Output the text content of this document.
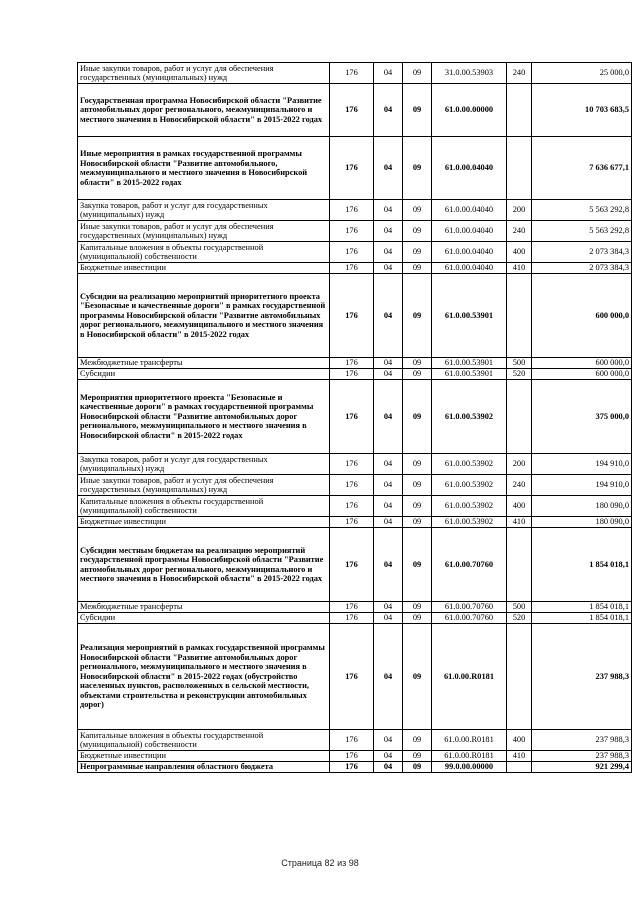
Иные закупки товаров, работ и услуг для обеспечения государственных (муниципальных) нужд	176	04	09	31.0.00.53903	240	25 000,0
Государственная программа Новосибирской области "Развитие автомобильных дорог регионального, межмуниципального и местного значения в Новосибирской области" в 2015-2022 годах	176	04	09	61.0.00.00000		10 703 683,5
Иные мероприятия в рамках государственной программы Новосибирской области "Развитие автомобильного, межмуниципального и местного значения в Новосибирской области" в 2015-2022 годах	176	04	09	61.0.00.04040		7 636 677,1
Закупка товаров, работ и услуг для государственных (муниципальных) нужд	176	04	09	61.0.00.04040	200	5 563 292,8
Иные закупки товаров, работ и услуг для обеспечения государственных (муниципальных) нужд	176	04	09	61.0.00.04040	240	5 563 292,8
Капитальные вложения в объекты государственной (муниципальной) собственности	176	04	09	61.0.00.04040	400	2 073 384,3
Бюджетные инвестиции	176	04	09	61.0.00.04040	410	2 073 384,3
Субсидии на реализацию мероприятий приоритетного проекта "Безопасные и качественные дороги" в рамках государственной программы Новосибирской области "Развитие автомобильных дорог регионального, межмуниципального и местного значения в Новосибирской области" в 2015-2022 годах	176	04	09	61.0.00.53901		600 000,0
Межбюджетные трансферты	176	04	09	61.0.00.53901	500	600 000,0
Субсидии	176	04	09	61.0.00.53901	520	600 000,0
Мероприятия приоритетного проекта "Безопасные и качественные дороги" в рамках государственной программы Новосибирской области "Развитие автомобильных дорог регионального, межмуниципального и местного значения в Новосибирской области" в 2015-2022 годах	176	04	09	61.0.00.53902		375 000,0
Закупка товаров, работ и услуг для государственных (муниципальных) нужд	176	04	09	61.0.00.53902	200	194 910,0
Иные закупки товаров, работ и услуг для обеспечения государственных (муниципальных) нужд	176	04	09	61.0.00.53902	240	194 910,0
Капитальные вложения в объекты государственной (муниципальной) собственности	176	04	09	61.0.00.53902	400	180 090,0
Бюджетные инвестиции	176	04	09	61.0.00.53902	410	180 090,0
Субсидии местным бюджетам на реализацию мероприятий государственной программы Новосибирской области "Развитие автомобильных дорог регионального, межмуниципального и местного значения в Новосибирской области" в 2015-2022 годах	176	04	09	61.0.00.70760		1 854 018,1
Межбюджетные трансферты	176	04	09	61.0.00.70760	500	1 854 018,1
Субсидии	176	04	09	61.0.00.70760	520	1 854 018,1
Реализация мероприятий в рамках государственной программы Новосибирской области "Развитие автомобильных дорог регионального, межмуниципального и местного значения в Новосибирской области" в 2015-2022 годах (обустройство населенных пунктов, расположенных в сельской местности, объектами строительства и реконструкции автомобильных дорог)	176	04	09	61.0.00.R0181		237 988,3
Капитальные вложения в объекты государственной (муниципальной) собственности	176	04	09	61.0.00.R0181	400	237 988,3
Бюджетные инвестиции	176	04	09	61.0.00.R0181	410	237 988,3
Непрограммные направления областного бюджета	176	04	09	99.0.00.00000		921 299,4
Страница 82 из 98
